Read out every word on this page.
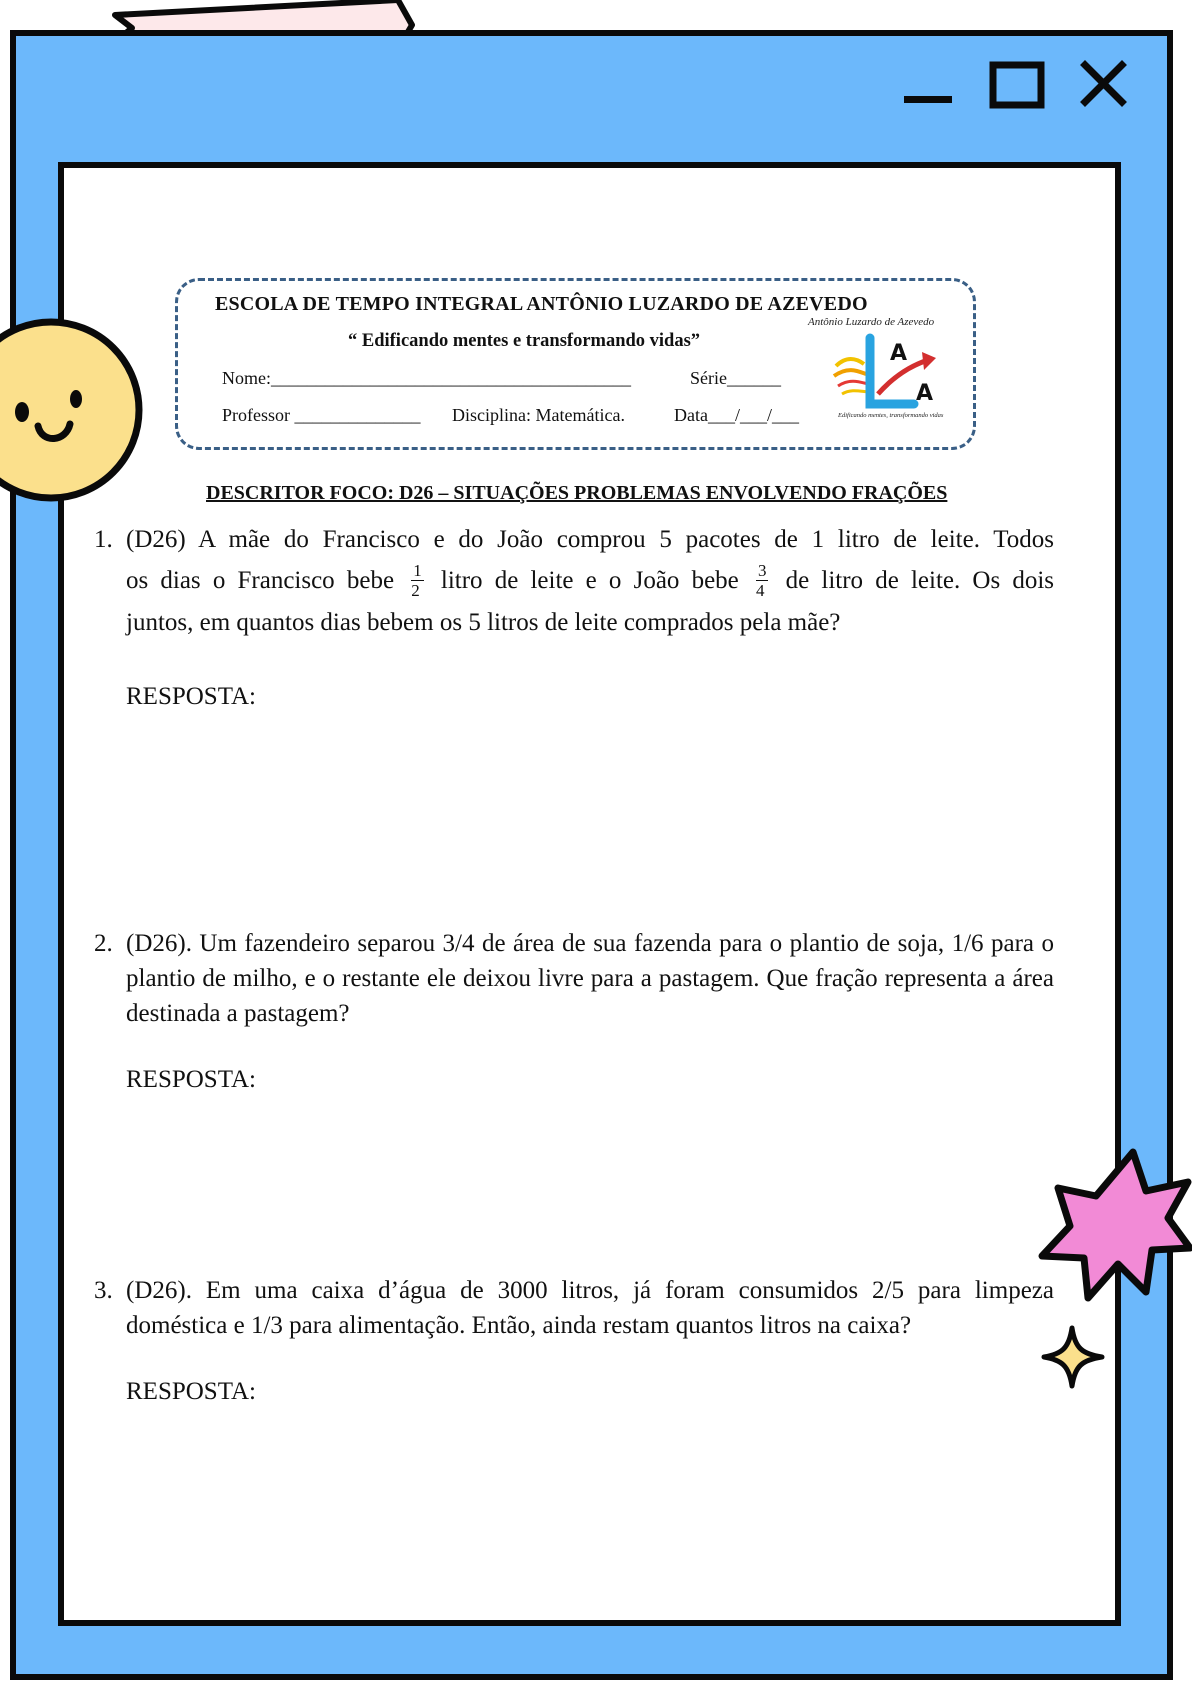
ESCOLA DE TEMPO INTEGRAL ANTÔNIO LUZARDO DE AZEVEDO
“ Edificando mentes e transformando vidas”
Nome:________________________________________	Série______
Professor ______________ Disciplina: Matemática.	Data___/___/___
Antônio Luzardo de Azevedo
A
A
Edificando mentes, transformando vidas
DESCRITOR FOCO: D26 – SITUAÇÕES PROBLEMAS ENVOLVENDO FRAÇÕES
1. (D26) A mãe do Francisco e do João comprou 5 pacotes de 1 litro de leite. Todos
os dias o Francisco bebe $\frac{1}{2}$ litro de leite e o João bebe $\frac{3}{4}$ de litro de leite. Os dois
juntos, em quantos dias bebem os 5 litros de leite comprados pela mãe?
RESPOSTA:
2. (D26). Um fazendeiro separou 3/4 de área de sua fazenda para o plantio de soja, 1/6 para o plantio de milho, e o restante ele deixou livre para a pastagem. Que fração representa a área destinada a pastagem?
RESPOSTA:
3. (D26). Em uma caixa d’água de 3000 litros, já foram consumidos 2/5 para limpeza doméstica e 1/3 para alimentação. Então, ainda restam quantos litros na caixa?
RESPOSTA:
